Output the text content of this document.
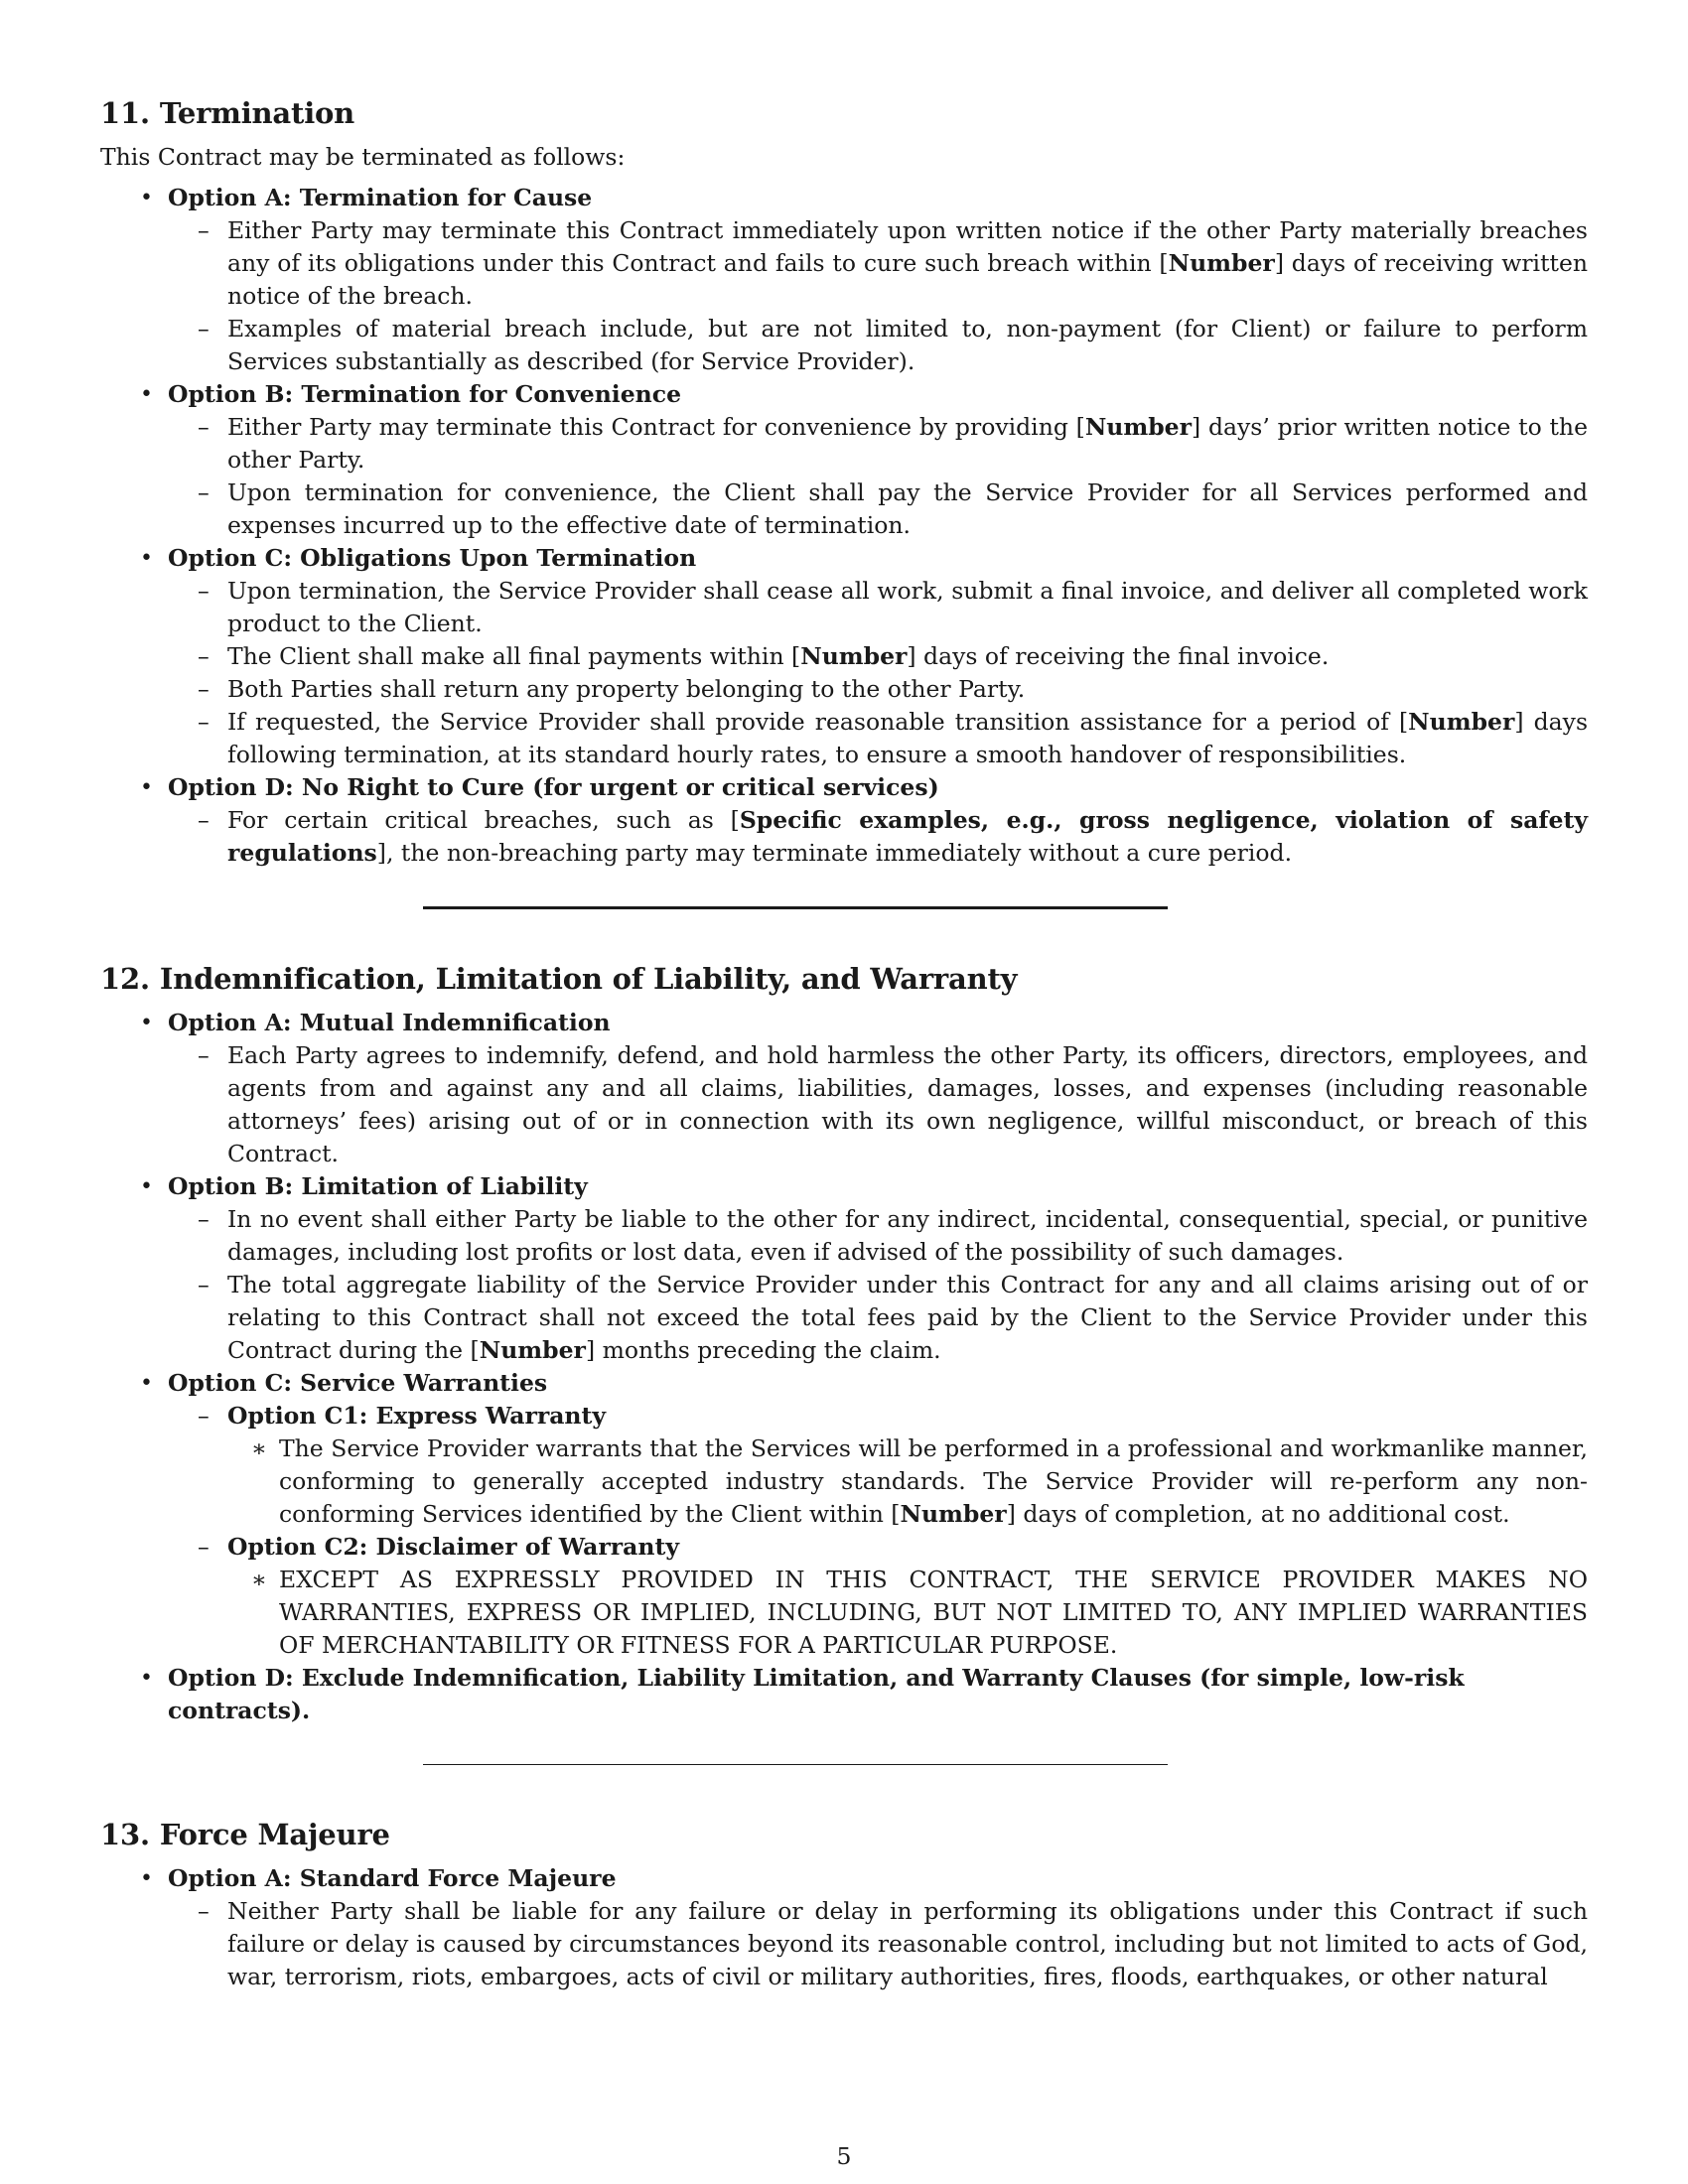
11. Termination

This Contract may be terminated as follows:

• Option A: Termination for Cause
– Either Party may terminate this Contract immediately upon written notice if the other Party materially breaches any of its obligations under this Contract and fails to cure such breach within [Number] days of receiving written notice of the breach.
– Examples of material breach include, but are not limited to, non-payment (for Client) or failure to perform Services substantially as described (for Service Provider).
• Option B: Termination for Convenience
– Either Party may terminate this Contract for convenience by providing [Number] days’ prior written notice to the other Party.
– Upon termination for convenience, the Client shall pay the Service Provider for all Services performed and expenses incurred up to the effective date of termination.
• Option C: Obligations Upon Termination
– Upon termination, the Service Provider shall cease all work, submit a final invoice, and deliver all completed work product to the Client.
– The Client shall make all final payments within [Number] days of receiving the final invoice.
– Both Parties shall return any property belonging to the other Party.
– If requested, the Service Provider shall provide reasonable transition assistance for a period of [Number] days following termination, at its standard hourly rates, to ensure a smooth handover of responsibilities.
• Option D: No Right to Cure (for urgent or critical services)
– For certain critical breaches, such as [Specific examples, e.g., gross negligence, violation of safety regulations], the non-breaching party may terminate immediately without a cure period.
12. Indemnification, Limitation of Liability, and Warranty
• Option A: Mutual Indemnification
– Each Party agrees to indemnify, defend, and hold harmless the other Party, its officers, directors, employees, and agents from and against any and all claims, liabilities, damages, losses, and expenses (including reasonable attorneys’ fees) arising out of or in connection with its own negligence, willful misconduct, or breach of this Contract.
• Option B: Limitation of Liability
– In no event shall either Party be liable to the other for any indirect, incidental, consequential, special, or punitive damages, including lost profits or lost data, even if advised of the possibility of such damages.
– The total aggregate liability of the Service Provider under this Contract for any and all claims arising out of or relating to this Contract shall not exceed the total fees paid by the Client to the Service Provider under this Contract during the [Number] months preceding the claim.
• Option C: Service Warranties
– Option C1: Express Warranty
∗ The Service Provider warrants that the Services will be performed in a professional and workmanlike manner, conforming to generally accepted industry standards. The Service Provider will re-perform any non-conforming Services identified by the Client within [Number] days of completion, at no additional cost.
– Option C2: Disclaimer of Warranty
∗ EXCEPT AS EXPRESSLY PROVIDED IN THIS CONTRACT, THE SERVICE PROVIDER MAKES NO WARRANTIES, EXPRESS OR IMPLIED, INCLUDING, BUT NOT LIMITED TO, ANY IMPLIED WARRANTIES OF MERCHANTABILITY OR FITNESS FOR A PARTICULAR PURPOSE.
• Option D: Exclude Indemnification, Liability Limitation, and Warranty Clauses (for simple, low-risk contracts).
13. Force Majeure
• Option A: Standard Force Majeure
– Neither Party shall be liable for any failure or delay in performing its obligations under this Contract if such failure or delay is caused by circumstances beyond its reasonable control, including but not limited to acts of God, war, terrorism, riots, embargoes, acts of civil or military authorities, fires, floods, earthquakes, or other natural
5
